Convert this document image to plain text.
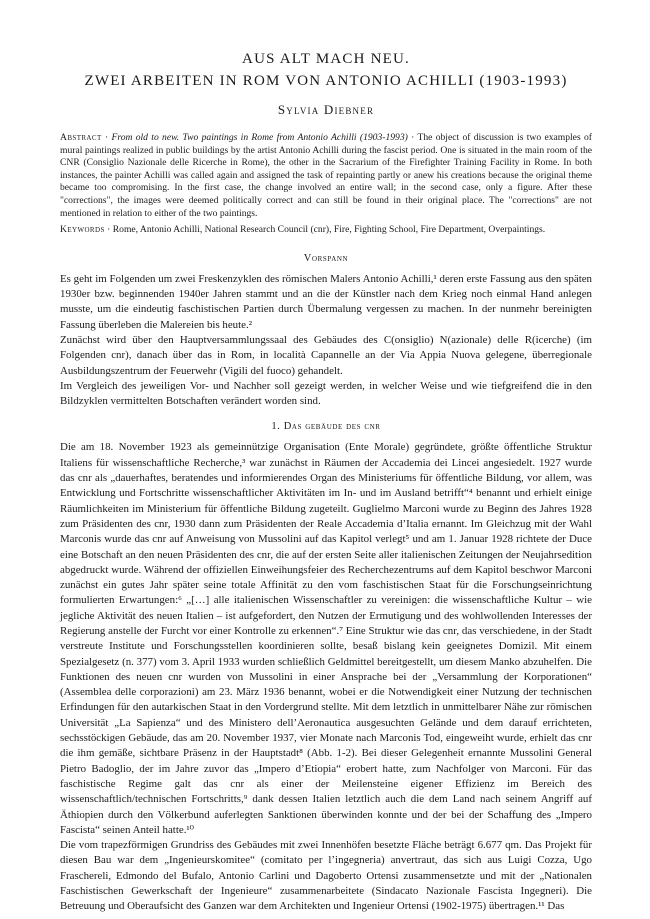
AUS ALT MACH NEU.
ZWEI ARBEITEN IN ROM VON ANTONIO ACHILLI (1903-1993)
Sylvia Diebner

Abstract · From old to new. Two paintings in Rome from Antonio Achilli (1903-1993) · The object of discussion is two examples of mural paintings realized in public buildings by the artist Antonio Achilli during the fascist period. One is situated in the main room of the CNR (Consiglio Nazionale delle Ricerche in Rome), the other in the Sacrarium of the Firefighter Training Facility in Rome. In both instances, the painter Achilli was called again and assigned the task of repainting partly or anew his creations because the original theme became too compromising. In the first case, the change involved an entire wall; in the second case, only a figure. After these "corrections", the images were deemed politically correct and can still be found in their original place. The "corrections" are not mentioned in relation to either of the two paintings.

Keywords · Rome, Antonio Achilli, National Research Council (cnr), Fire, Fighting School, Fire Department, Overpaintings.

Vorspann
Es geht im Folgenden um zwei Freskenzyklen des römischen Malers Antonio Achilli,¹ deren erste Fassung aus den späten 1930er bzw. beginnenden 1940er Jahren stammt und an die der Künstler nach dem Krieg noch einmal Hand anlegen musste, um die eindeutig faschistischen Partien durch Übermalung vergessen zu machen. In der nunmehr bereinigten Fassung überleben die Malereien bis heute.²
Zunächst wird über den Hauptversammlungssaal des Gebäudes des C(onsiglio) N(azionale) delle R(icerche) (im Folgenden cnr), danach über das in Rom, in località Capannelle an der Via Appia Nuova gelegene, überregionale Ausbildungszentrum der Feuerwehr (Vigili del fuoco) gehandelt.
Im Vergleich des jeweiligen Vor- und Nachher soll gezeigt werden, in welcher Weise und wie tiefgreifend die in den Bildzyklen vermittelten Botschaften verändert worden sind.
1. Das gebäude des cnr
Die am 18. November 1923 als gemeinnützige Organisation (Ente Morale) gegründete, größte öffentliche Struktur Italiens für wissenschaftliche Recherche,³ war zunächst in Räumen der Accademia dei Lincei angesiedelt. 1927 wurde das cnr als „dauerhaftes, beratendes und informierendes Organ des Ministeriums für öffentliche Bildung, vor allem, was Entwicklung und Fortschritte wissenschaftlicher Aktivitäten im In- und im Ausland betrifft“⁴ benannt und erhielt einige Räumlichkeiten im Ministerium für öffentliche Bildung zugeteilt. Guglielmo Marconi wurde zu Beginn des Jahres 1928 zum Präsidenten des cnr, 1930 dann zum Präsidenten der Reale Accademia d’Italia ernannt. Im Gleichzug mit der Wahl Marconis wurde das cnr auf Anweisung von Mussolini auf das Kapitol verlegt⁵ und am 1. Januar 1928 richtete der Duce eine Botschaft an den neuen Präsidenten des cnr, die auf der ersten Seite aller italienischen Zeitungen der Neujahrsedition abgedruckt wurde. Während der offiziellen Einweihungsfeier des Recherchezentrums auf dem Kapitol beschwor Marconi zunächst ein gutes Jahr später seine totale Affinität zu den vom faschistischen Staat für die Forschungseinrichtung formulierten Erwartungen:⁶ „[…] alle italienischen Wissenschaftler zu vereinigen: die wissenschaftliche Kultur – wie jegliche Aktivität des neuen Italien – ist aufgefordert, den Nutzen der Ermutigung und des wohlwollenden Interesses der Regierung anstelle der Furcht vor einer Kontrolle zu erkennen“.⁷ Eine Struktur wie das cnr, das verschiedene, in der Stadt verstreute Institute und Forschungsstellen koordinieren sollte, besaß bislang kein geeignetes Domizil. Mit einem Spezialgesetz (n. 377) vom 3. April 1933 wurden schließlich Geldmittel bereitgestellt, um diesem Manko abzuhelfen. Die Funktionen des neuen cnr wurden von Mussolini in einer Ansprache bei der „Versammlung der Korporationen“ (Assemblea delle corporazioni) am 23. März 1936 benannt, wobei er die Notwendigkeit einer Nutzung der technischen Erfindungen für den autarkischen Staat in den Vordergrund stellte. Mit dem letztlich in unmittelbarer Nähe zur römischen Universität „La Sapienza“ und des Ministero dell’Aeronautica ausgesuchten Gelände und dem darauf errichteten, sechsstöckigen Gebäude, das am 20. November 1937, vier Monate nach Marconis Tod, eingeweiht wurde, erhielt das cnr die ihm gemäße, sichtbare Präsenz in der Hauptstadt⁸ (Abb. 1-2). Bei dieser Gelegenheit ernannte Mussolini General Pietro Badoglio, der im Jahre zuvor das „Impero d’Etiopia“ erobert hatte, zum Nachfolger von Marconi. Für das faschistische Regime galt das cnr als einer der Meilensteine eigener Effizienz im Bereich des wissenschaftlich/technischen Fortschritts,⁹ dank dessen Italien letztlich auch die dem Land nach seinem Angriff auf Äthiopien durch den Völkerbund auferlegten Sanktionen überwinden konnte und der bei der Schaffung des „Impero Fascista“ seinen Anteil hatte.¹⁰
Die vom trapezförmigen Grundriss des Gebäudes mit zwei Innenhöfen besetzte Fläche beträgt 6.677 qm. Das Projekt für diesen Bau war dem „Ingenieurskomitee“ (comitato per l’ingegneria) anvertraut, das sich aus Luigi Cozza, Ugo Fraschereli, Edmondo del Bufalo, Antonio Carlini und Dagoberto Ortensi zusammensetzte und mit der „Nationalen Faschistischen Gewerkschaft der Ingenieure“ zusammenarbeitete (Sindacato Nazionale Fascista Ingegneri). Die Betreuung und Oberaufsicht des Ganzen war dem Architekten und Ingenieur Ortensi (1902-1975) übertragen.¹¹ Das
